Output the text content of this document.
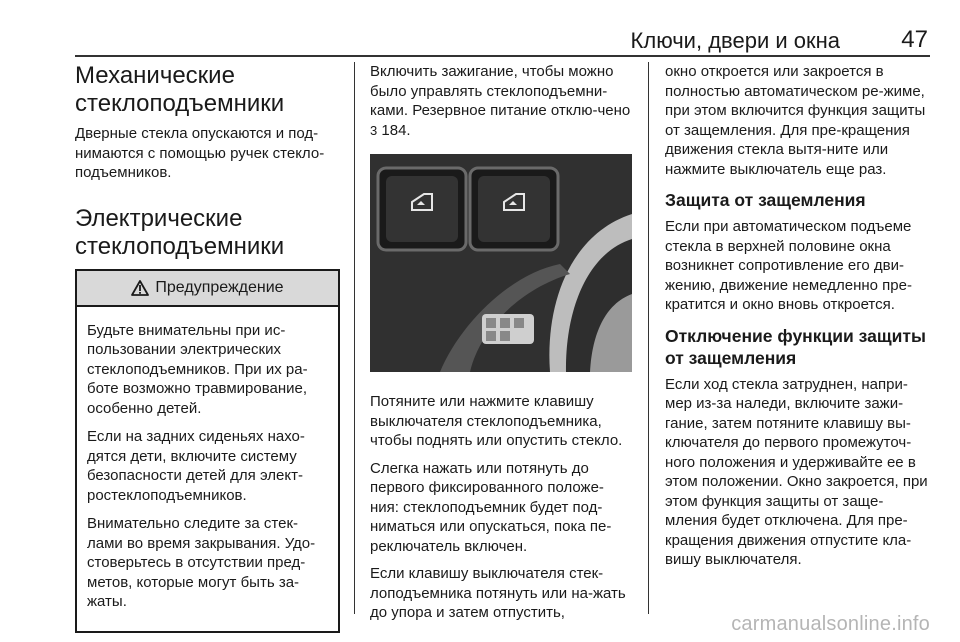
Ключи, двери и окна	47
Механические
стеклоподъемники

Дверные стекла опускаются и под-нимаются с помощью ручек стекло-подъемников.

Электрические
стеклоподъемники
Предупреждение

Будьте внимательны при ис-пользовании электрических стеклоподъемников. При их ра-боте возможно травмирование, особенно детей.

Если на задних сиденьях нахо-дятся дети, включите систему безопасности детей для элект-ростеклоподъемников.

Внимательно следите за стек-лами во время закрывания. Удо-стоверьтесь в отсутствии пред-метов, которые могут быть за-жаты.

Включить зажигание, чтобы можно было управлять стеклоподъемни-ками. Резервное питание отклю-чено 3 184.

Потяните или нажмите клавишу выключателя стеклоподъемника, чтобы поднять или опустить стекло.

Слегка нажать или потянуть до первого фиксированного положе-ния: стеклоподъемник будет под-ниматься или опускаться, пока пе-реключатель включен.

Если клавишу выключателя стек-лоподъемника потянуть или на-жать до упора и затем отпустить,

окно откроется или закроется в полностью автоматическом ре-жиме, при этом включится функция защиты от защемления. Для пре-кращения движения стекла вытя-ните или нажмите выключатель еще раз.

Защита от защемления

Если при автоматическом подъеме стекла в верхней половине окна возникнет сопротивление его дви-жению, движение немедленно пре-кратится и окно вновь откроется.

Отключение функции защиты
от защемления

Если ход стекла затруднен, напри-мер из-за наледи, включите зажи-гание, затем потяните клавишу вы-ключателя до первого промежуточ-ного положения и удерживайте ее в этом положении. Окно закроется, при этом функция защиты от защe-мления будет отключена. Для пре-кращения движения отпустите кла-вишу выключателя.

carmanualsonline.info
